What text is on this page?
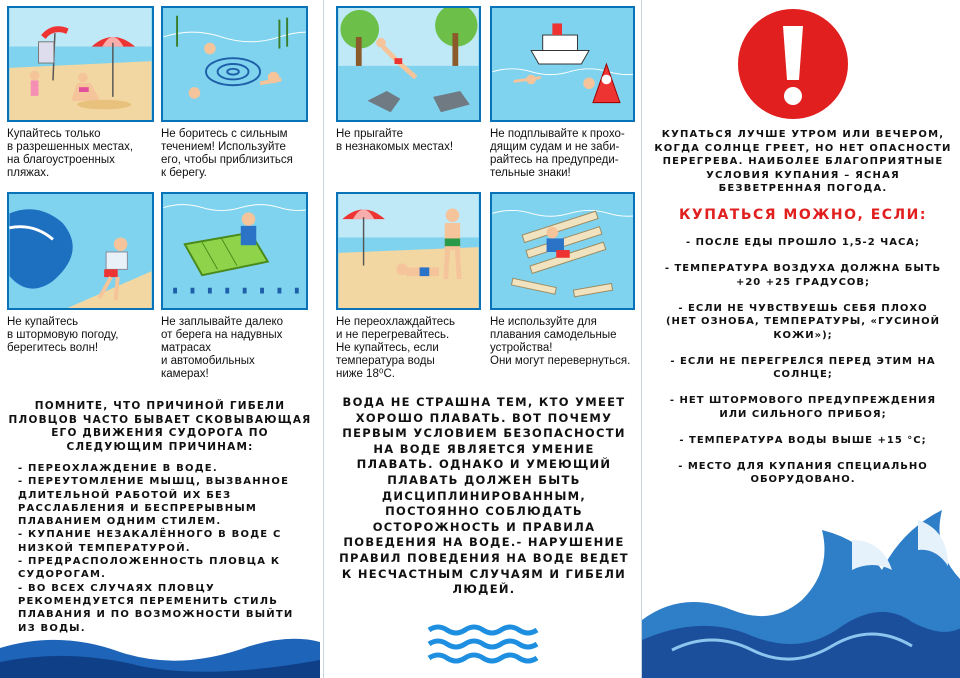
Купайтесь только
в разрешенных местах,
на благоустроенных
пляжах.
Не боритесь с сильным
течением! Используйте
его, чтобы приблизиться
к берегу.
Не купайтесь
в штормовую погоду,
берегитесь волн!
Не заплывайте далеко
от берега на надувных
матрасах
и автомобильных
камерах!
ПОМНИТЕ, ЧТО ПРИЧИНОЙ ГИБЕЛИ ПЛОВЦОВ ЧАСТО БЫВАЕТ СКОВЫВАЮЩАЯ ЕГО ДВИЖЕНИЯ СУДОРОГА ПО СЛЕДУЮЩИМ ПРИЧИНАМ:
- ПЕРЕОХЛАЖДЕНИЕ В ВОДЕ.
- ПЕРЕУТОМЛЕНИЕ МЫШЦ, ВЫЗВАННОЕ
ДЛИТЕЛЬНОЙ РАБОТОЙ ИХ БЕЗ
РАССЛАБЛЕНИЯ И БЕСПРЕРЫВНЫМ
ПЛАВАНИЕМ ОДНИМ СТИЛЕМ.
- КУПАНИЕ НЕЗАКАЛЁННОГО В ВОДЕ С
НИЗКОЙ ТЕМПЕРАТУРОЙ.
- ПРЕДРАСПОЛОЖЕННОСТЬ ПЛОВЦА К
СУДОРОГАМ.
- ВО ВСЕХ СЛУЧАЯХ ПЛОВЦУ
РЕКОМЕНДУЕТСЯ ПЕРЕМЕНИТЬ СТИЛЬ
ПЛАВАНИЯ И ПО ВОЗМОЖНОСТИ ВЫЙТИ
ИЗ ВОДЫ.
Не прыгайте
в незнакомых местах!
Не подплывайте к прохо-
дящим судам и не заби-
райтесь на предупреди-
тельные знаки!
Не переохлаждайтесь
и не перегревайтесь.
Не купайтесь, если
температура воды
ниже 18⁰С.
Не используйте для
плавания самодельные
устройства!
Они могут перевернуться.
ВОДА НЕ СТРАШНА ТЕМ, КТО УМЕЕТ ХОРОШО ПЛАВАТЬ. ВОТ ПОЧЕМУ ПЕРВЫМ УСЛОВИЕМ БЕЗОПАСНОСТИ НА ВОДЕ ЯВЛЯЕТСЯ УМЕНИЕ ПЛАВАТЬ. ОДНАКО И УМЕЮЩИЙ ПЛАВАТЬ ДОЛЖЕН БЫТЬ ДИСЦИПЛИНИРОВАННЫМ, ПОСТОЯННО СОБЛЮДАТЬ ОСТОРОЖНОСТЬ И ПРАВИЛА ПОВЕДЕНИЯ НА ВОДЕ.- НАРУШЕНИЕ ПРАВИЛ ПОВЕДЕНИЯ НА ВОДЕ ВЕДЕТ К НЕСЧАСТНЫМ СЛУЧАЯМ И ГИБЕЛИ ЛЮДЕЙ.
КУПАТЬСЯ ЛУЧШЕ УТРОМ ИЛИ ВЕЧЕРОМ, КОГДА СОЛНЦЕ ГРЕЕТ, НО НЕТ ОПАСНОСТИ ПЕРЕГРЕВА. НАИБОЛЕЕ БЛАГОПРИЯТНЫЕ УСЛОВИЯ КУПАНИЯ – ЯСНАЯ БЕЗВЕТРЕННАЯ ПОГОДА.
КУПАТЬСЯ МОЖНО, ЕСЛИ:
- ПОСЛЕ ЕДЫ ПРОШЛО 1,5-2 ЧАСА;
- ТЕМПЕРАТУРА ВОЗДУХА ДОЛЖНА БЫТЬ
+20 +25 ГРАДУСОВ;
- ЕСЛИ НЕ ЧУВСТВУЕШЬ СЕБЯ ПЛОХО
(НЕТ ОЗНОБА, ТЕМПЕРАТУРЫ, «ГУСИНОЙ
КОЖИ»);
- ЕСЛИ НЕ ПЕРЕГРЕЛСЯ ПЕРЕД ЭТИМ НА
СОЛНЦЕ;
- НЕТ ШТОРМОВОГО ПРЕДУПРЕЖДЕНИЯ
ИЛИ СИЛЬНОГО ПРИБОЯ;
- ТЕМПЕРАТУРА ВОДЫ ВЫШЕ +15 °С;
- МЕСТО ДЛЯ КУПАНИЯ СПЕЦИАЛЬНО
ОБОРУДОВАНО.
